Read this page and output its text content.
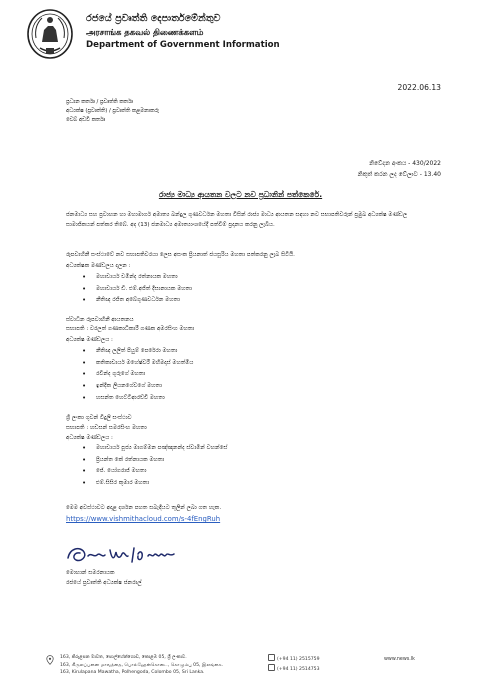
රජයේ ප්‍රවෘත්ති දෙපාර්තමේන්තුව
அரசாங்க தகவல் திணைக்களம்
Department of Government Information
2022.06.13
ප්‍රධාන කර්තෘ / ප්‍රවෘත්ති කර්තෘ
අධ්‍යක්ෂ (ප්‍රවෘත්ති) / ප්‍රවෘත්ති කළමනාකරු
වෙබ් අඩවි කර්තෘ
නිවේදන අංකය - 430/2022
නිකුත් කරන ලද වේලාව - 13.40
රාජ්‍ය මාධ්‍ය ආයතන වලට නව ප්‍රධානින් පත්කෙරේ.
ජනමාධ්‍ය සහ ප්‍රවාහන හා මහාමාර්ග අමාත්‍ය බන්දුල ගුණවර්ධන මහතා විසින් රාජ්‍ය මාධ්‍ය ආයතන සඳහා නව සභාපතිවරුන් ප්‍රමුඛ අධ්‍යක්ෂ මණ්ඩල සාමාජිකයන් පත්කර තිබේ. අද (13) ජනමාධ්‍ය අමාත්‍යාංශයේදී පත්වීම් ප්‍රදානය කරනු ලැබීය.
රූපවාහිනී සංස්ථාවේ නව සභාපතිවරයා ලෙස අසංක ප්‍රියනාත් ජයසූරිය මහතා පත්කරනු ලැබ සිටියි.
අධ්‍යක්ෂක මණ්ඩලය දලන :
• මහාචාර්ය චමින්ද රත්නායක මහතා
• මහාචාර්ය ඩී. එම්.අජිත් දිසානායක මහතා
• නීතිඥ රජිත අබේගුණවර්ධන මහතා
ස්වාධීන රූපවාහිනී ආයතනය
සභාපති : වරලත් ගණකාධිකාරී ගණක අමරසිංහ මහතා
අධ්‍යක්ෂ මණ්ඩලය :
• නීතිඥ ලලිත් පියුම් පෙරේරා මහතා
• කතිකාචාර්ය මහේෂ්වරී මහීමදාස් මහත්මිය
• රවීන්ද ගුරුගේ මහතා
• ඉන්දික ලියනගේවගේ මහතා
• හසන්ත හෙට්ටිආරච්චි මහතා
ශ්‍රී ලංකා ගුවන් විදුලි සංස්ථාව
සභාපති : හඩසන් සමරසිංහ මහතා
අධ්‍යක්ෂ මණ්ඩලය :
• මහාචාර්ය පූජ්‍ය මාගම්මන පඤ්ඤානන්ද ස්වාමීන් වහන්සේ
• ප්‍රියන්ත කේ රත්නායක මහතා
• ජේ. යෝගරාජ් මහතා
• එම්.සිසිර කුමාර මහතා
මෙම අවස්ථාවට අදාළ දර්ශන පහත සබැඳියට තුලින් ලබා ගත හැක.
https://www.vishmithacloud.com/s-4fEngRuh
මොහාන් සමරනායක
රජයේ ප්‍රවෘත්ති අධ්‍යක්ෂ ජනරාල්
163, කිරුළපන මාවත, පොල්හේන්ගොඩ, කොළඹ 05, ශ්‍රී ලංකාව.
163, கிருலப்பனை மாவத்தை, பொல்ஹேன்கொடை, கொழும்பு 05, இலங்கை.
163, Kirulapana Mawatha, Polhengoda, Colombo 05, Sri Lanka.
(+94 11) 2515759
(+94 11) 2514753
www.news.lk
